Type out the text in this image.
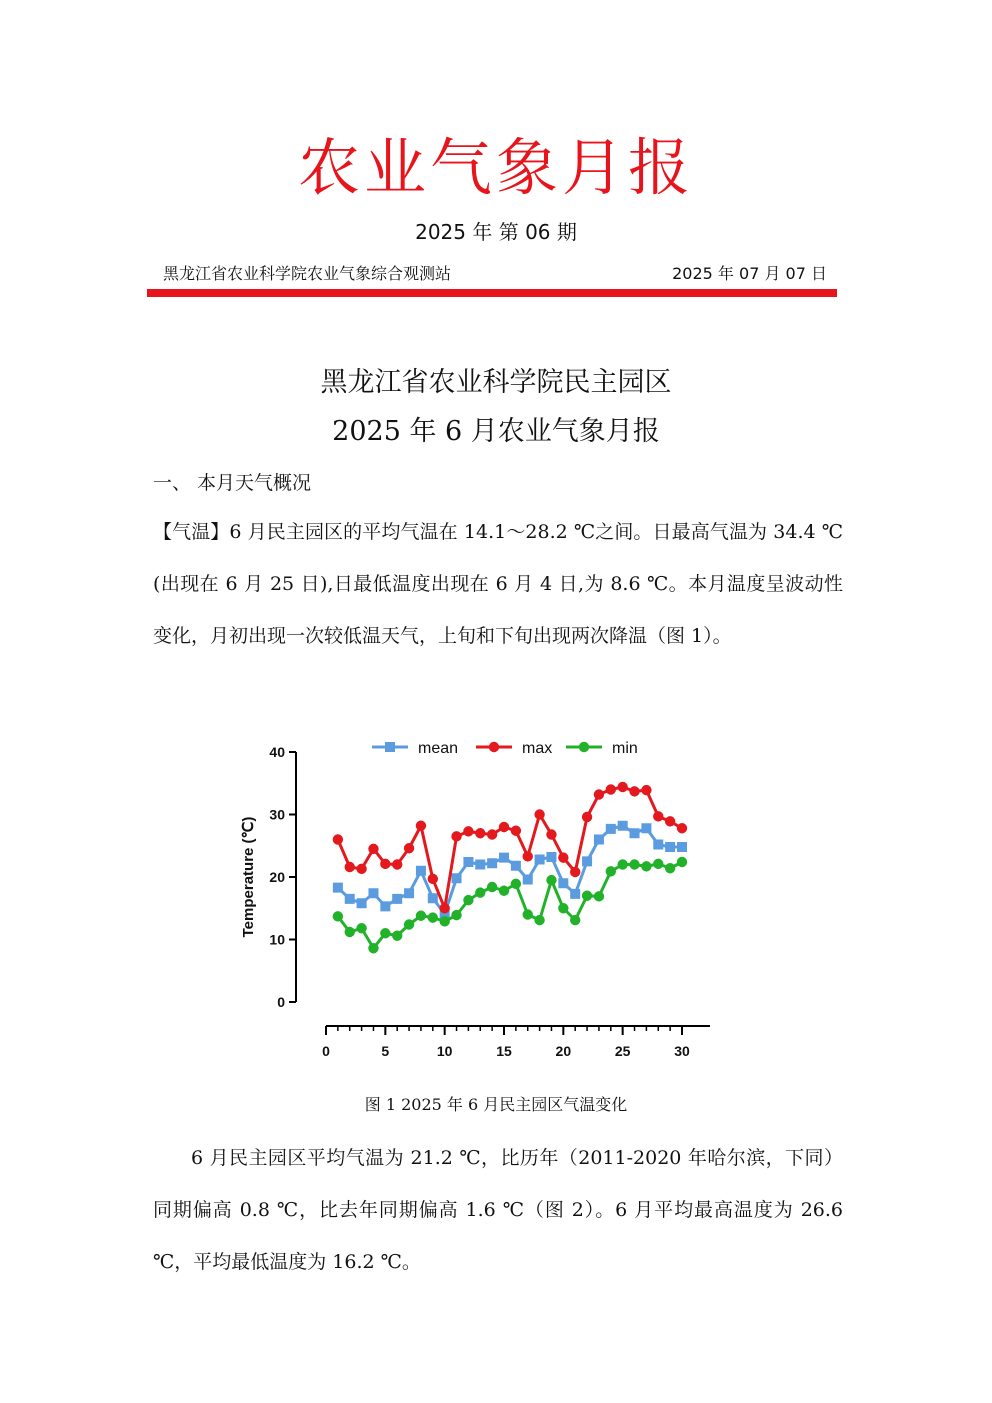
农业气象月报
2025 年 第 06 期
黑龙江省农业科学院农业气象综合观测站	2025 年 07 月 07 日
黑龙江省农业科学院民主园区
2025 年 6 月农业气象月报
一、 本月天气概况
【气温】6 月民主园区的平均气温在 14.1～28.2 ℃之间。日最高气温为 34.4 ℃(出现在 6 月 25 日),日最低温度出现在 6 月 4 日,为 8.6 ℃。本月温度呈波动性变化，月初出现一次较低温天气，上旬和下旬出现两次降温（图 1）。
0
10
20
30
40
Temperature (℃)
0	5	10	15	20	25	30
mean	max	min
图 1 2025 年 6 月民主园区气温变化
6 月民主园区平均气温为 21.2 ℃，比历年（2011-2020 年哈尔滨，下同）同期偏高 0.8 ℃，比去年同期偏高 1.6 ℃（图 2）。6 月平均最高温度为 26.6 ℃，平均最低温度为 16.2 ℃。
